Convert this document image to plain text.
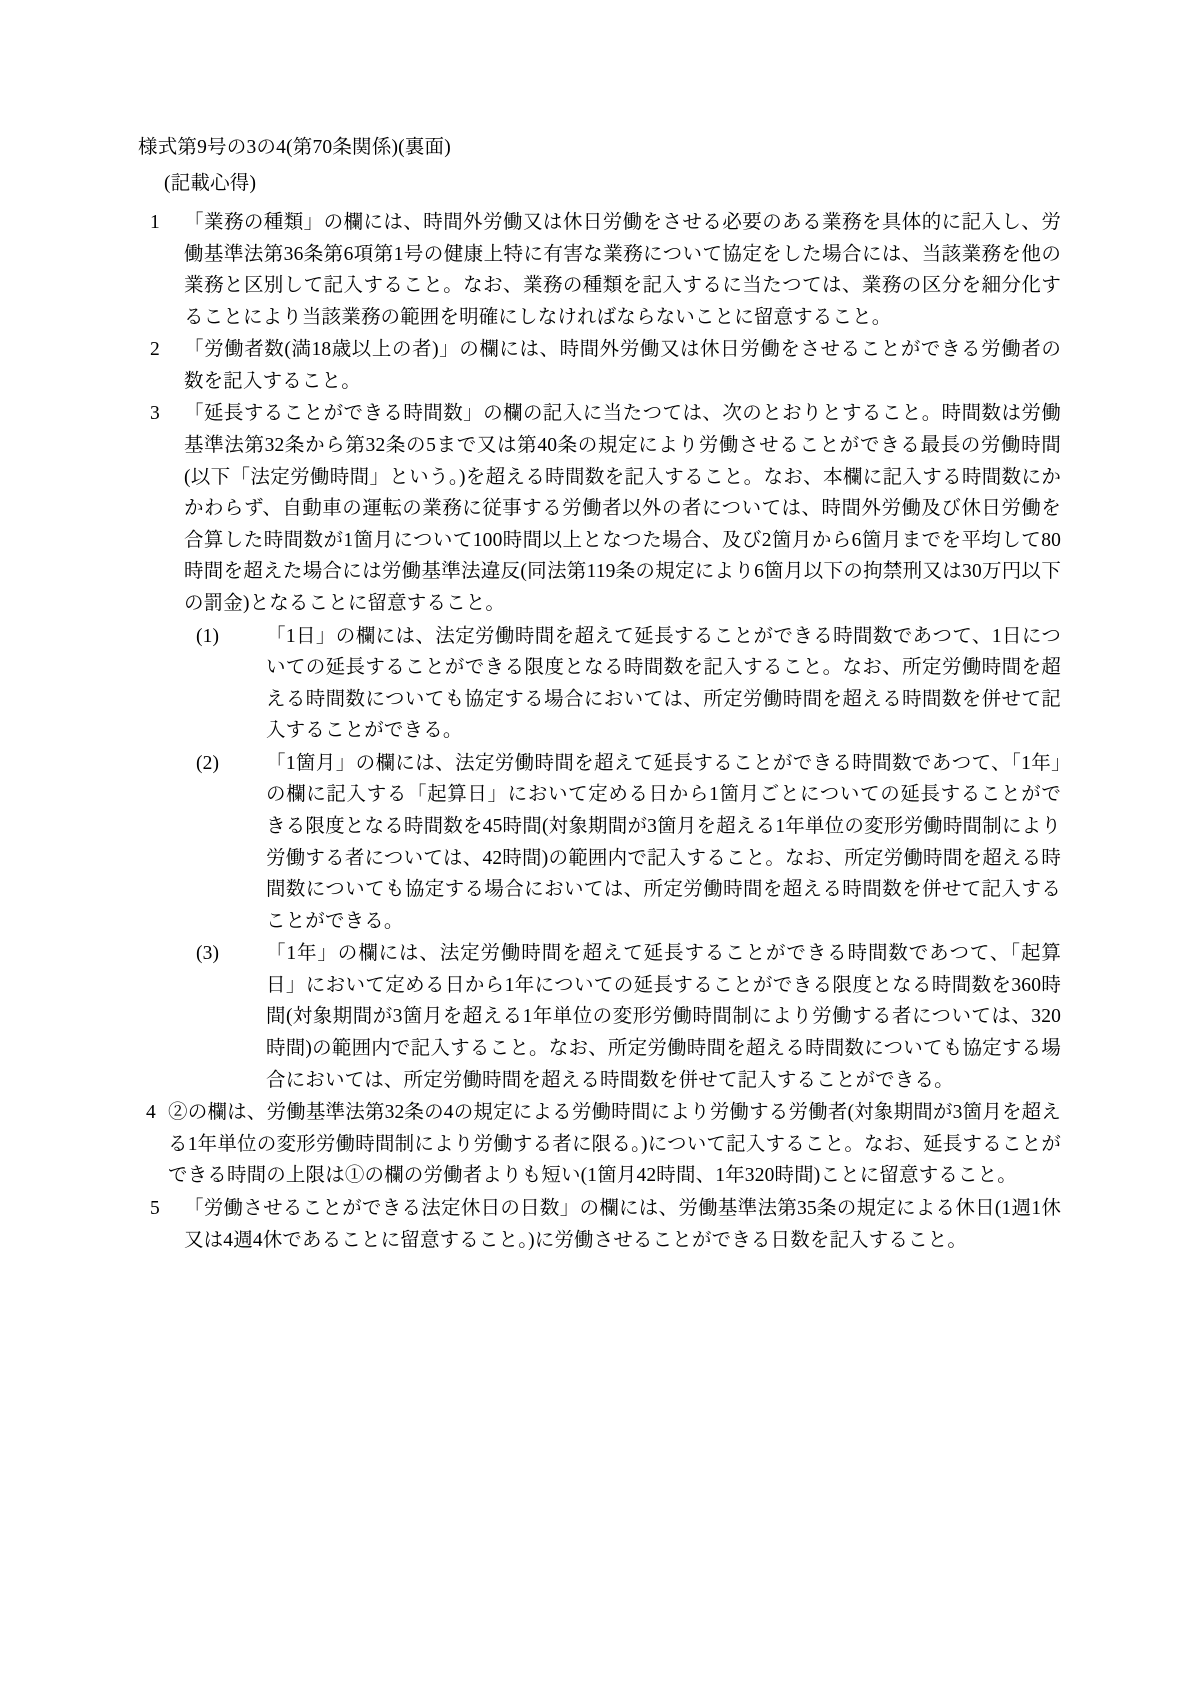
様式第9号の3の4(第70条関係)(裏面)
(記載心得)
1	「業務の種類」の欄には、時間外労働又は休日労働をさせる必要のある業務を具体的に記入し、労働基準法第36条第6項第1号の健康上特に有害な業務について協定をした場合には、当該業務を他の業務と区別して記入すること。なお、業務の種類を記入するに当たつては、業務の区分を細分化することにより当該業務の範囲を明確にしなければならないことに留意すること。
2	「労働者数(満18歳以上の者)」の欄には、時間外労働又は休日労働をさせることができる労働者の数を記入すること。
3	「延長することができる時間数」の欄の記入に当たつては、次のとおりとすること。時間数は労働基準法第32条から第32条の5まで又は第40条の規定により労働させることができる最長の労働時間(以下「法定労働時間」という。)を超える時間数を記入すること。なお、本欄に記入する時間数にかかわらず、自動車の運転の業務に従事する労働者以外の者については、時間外労働及び休日労働を合算した時間数が1箇月について100時間以上となつた場合、及び2箇月から6箇月までを平均して80時間を超えた場合には労働基準法違反(同法第119条の規定により6箇月以下の拘禁刑又は30万円以下の罰金)となることに留意すること。
(1)	「1日」の欄には、法定労働時間を超えて延長することができる時間数であつて、1日についての延長することができる限度となる時間数を記入すること。なお、所定労働時間を超える時間数についても協定する場合においては、所定労働時間を超える時間数を併せて記入することができる。
(2)	「1箇月」の欄には、法定労働時間を超えて延長することができる時間数であつて、「1年」の欄に記入する「起算日」において定める日から1箇月ごとについての延長することができる限度となる時間数を45時間(対象期間が3箇月を超える1年単位の変形労働時間制により労働する者については、42時間)の範囲内で記入すること。なお、所定労働時間を超える時間数についても協定する場合においては、所定労働時間を超える時間数を併せて記入することができる。
(3)	「1年」の欄には、法定労働時間を超えて延長することができる時間数であつて、「起算日」において定める日から1年についての延長することができる限度となる時間数を360時間(対象期間が3箇月を超える1年単位の変形労働時間制により労働する者については、320時間)の範囲内で記入すること。なお、所定労働時間を超える時間数についても協定する場合においては、所定労働時間を超える時間数を併せて記入することができる。
4 ②の欄は、労働基準法第32条の4の規定による労働時間により労働する労働者(対象期間が3箇月を超える1年単位の変形労働時間制により労働する者に限る。)について記入すること。なお、延長することができる時間の上限は①の欄の労働者よりも短い(1箇月42時間、1年320時間)ことに留意すること。
5	「労働させることができる法定休日の日数」の欄には、労働基準法第35条の規定による休日(1週1休又は4週4休であることに留意すること。)に労働させることができる日数を記入すること。
